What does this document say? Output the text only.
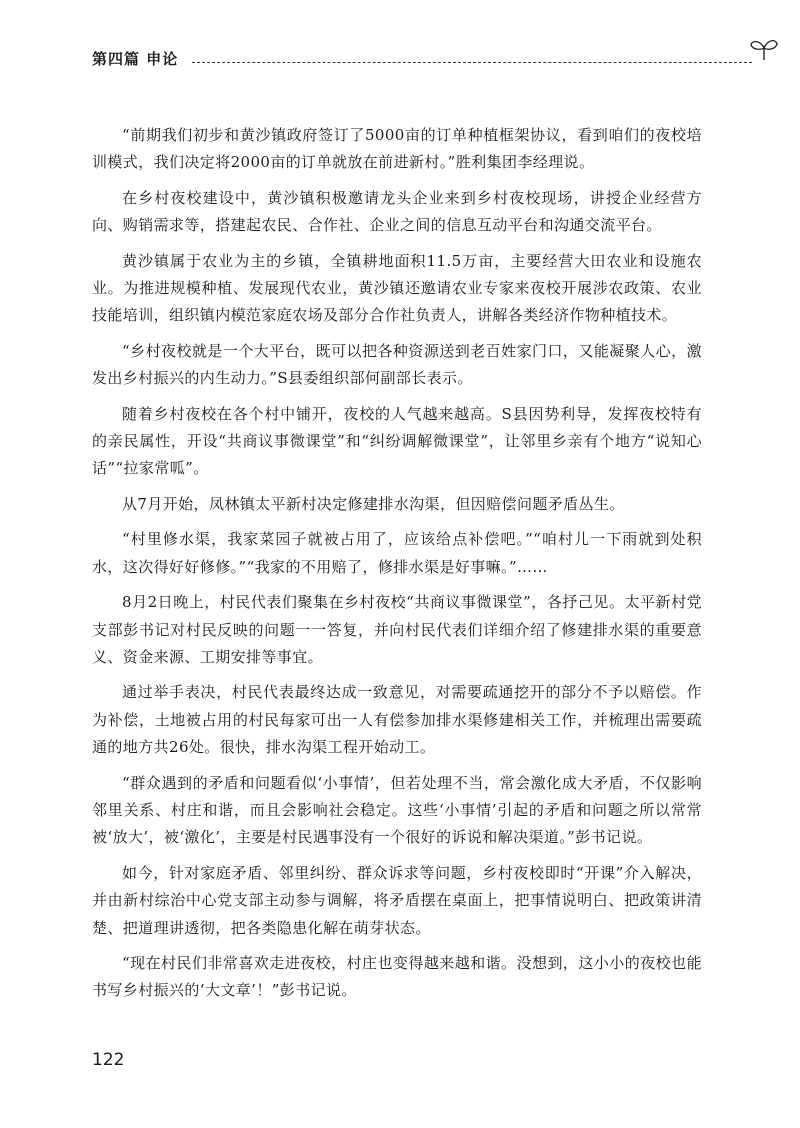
第四篇 申论

“前期我们初步和黄沙镇政府签订了5000亩的订单种植框架协议，看到咱们的夜校培训模式，我们决定将2000亩的订单就放在前进新村。”胜利集团李经理说。

在乡村夜校建设中，黄沙镇积极邀请龙头企业来到乡村夜校现场，讲授企业经营方向、购销需求等，搭建起农民、合作社、企业之间的信息互动平台和沟通交流平台。

黄沙镇属于农业为主的乡镇，全镇耕地面积11.5万亩，主要经营大田农业和设施农业。为推进规模种植、发展现代农业，黄沙镇还邀请农业专家来夜校开展涉农政策、农业技能培训，组织镇内模范家庭农场及部分合作社负责人，讲解各类经济作物种植技术。

“乡村夜校就是一个大平台，既可以把各种资源送到老百姓家门口，又能凝聚人心，激发出乡村振兴的内生动力。”S县委组织部何副部长表示。

随着乡村夜校在各个村中铺开，夜校的人气越来越高。S县因势利导，发挥夜校特有的亲民属性，开设“共商议事微课堂”和“纠纷调解微课堂”，让邻里乡亲有个地方“说知心话”“拉家常呱”。

从7月开始，凤林镇太平新村决定修建排水沟渠，但因赔偿问题矛盾丛生。

“村里修水渠，我家菜园子就被占用了，应该给点补偿吧。”“咱村儿一下雨就到处积水，这次得好好修修。”“我家的不用赔了，修排水渠是好事嘛。”……

8月2日晚上，村民代表们聚集在乡村夜校“共商议事微课堂”，各抒己见。太平新村党支部彭书记对村民反映的问题一一答复，并向村民代表们详细介绍了修建排水渠的重要意义、资金来源、工期安排等事宜。

通过举手表决，村民代表最终达成一致意见，对需要疏通挖开的部分不予以赔偿。作为补偿，土地被占用的村民每家可出一人有偿参加排水渠修建相关工作，并梳理出需要疏通的地方共26处。很快，排水沟渠工程开始动工。

“群众遇到的矛盾和问题看似‘小事情’，但若处理不当，常会激化成大矛盾，不仅影响邻里关系、村庄和谐，而且会影响社会稳定。这些‘小事情’引起的矛盾和问题之所以常常被‘放大’，被‘激化’，主要是村民遇事没有一个很好的诉说和解决渠道。”彭书记说。

如今，针对家庭矛盾、邻里纠纷、群众诉求等问题，乡村夜校即时“开课”介入解决，并由新村综治中心党支部主动参与调解，将矛盾摆在桌面上，把事情说明白、把政策讲清楚、把道理讲透彻，把各类隐患化解在萌芽状态。

“现在村民们非常喜欢走进夜校，村庄也变得越来越和谐。没想到，这小小的夜校也能书写乡村振兴的‘大文章’！”彭书记说。

122
